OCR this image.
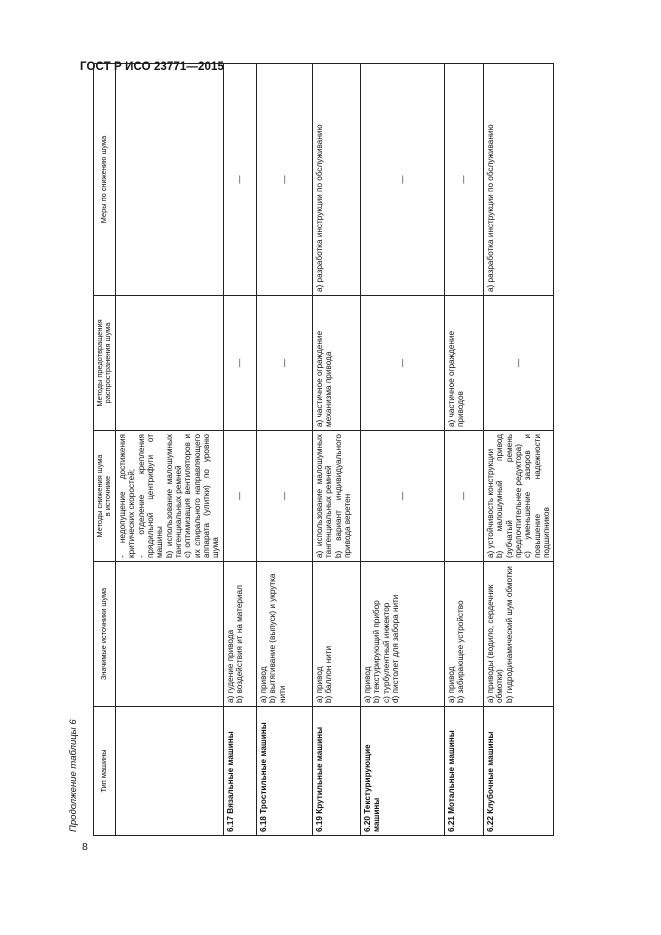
ГОСТ Р ИСО 23771—2015
8
Продолжение таблицы 6	Тип машины	Значимые источники шума	Методы снижения шума в источнике	Методы предотвращения распространения шума	Меры по снижению шума

		- недопущение достижения критических скоростей; - отделение крепления прядильной центрифуги от машины b) использование малошумных тангенциальных ремней c) оптимизация вентиляторов и их спирального направляющего аппарата (улитки) по уровню шума		

6.17 Вязальные машины	a) гудение привода b) воздействия ит на материал	—	—	—
6.18 Тростильные машины	a) привод b) вытягивание (выпуск) и укрутка нити	—	—	—
6.19 Крутильные машины	a) привод b) баллон нити	a) использование малошумных тангенциальных ремней b) вариант индивидуального привода веретен	a) частичное ограждение механизма привода	a) разработка инструкции по обслуживанию
6.20 Текстурирующие машины	a) привод b) текстурирующий прибор c) турбулентный инжектор d) пистолет для забора нити	—	—	—
6.21 Мотальные машины	a) привод b) забирающее устройство	—	a) частичное ограждение приводов	—
6.22 Клубочные машины	a) приводы (водило, сердечник обмотки) b) гидродинамический шум обмотки	a) устойчивость конструкции b) малошумный привод (зубчатый ремень предпочтительнее редуктора) c) уменьшение зазоров и повышение надежности подшипников	—	a) разработка инструкции по обслуживанию
